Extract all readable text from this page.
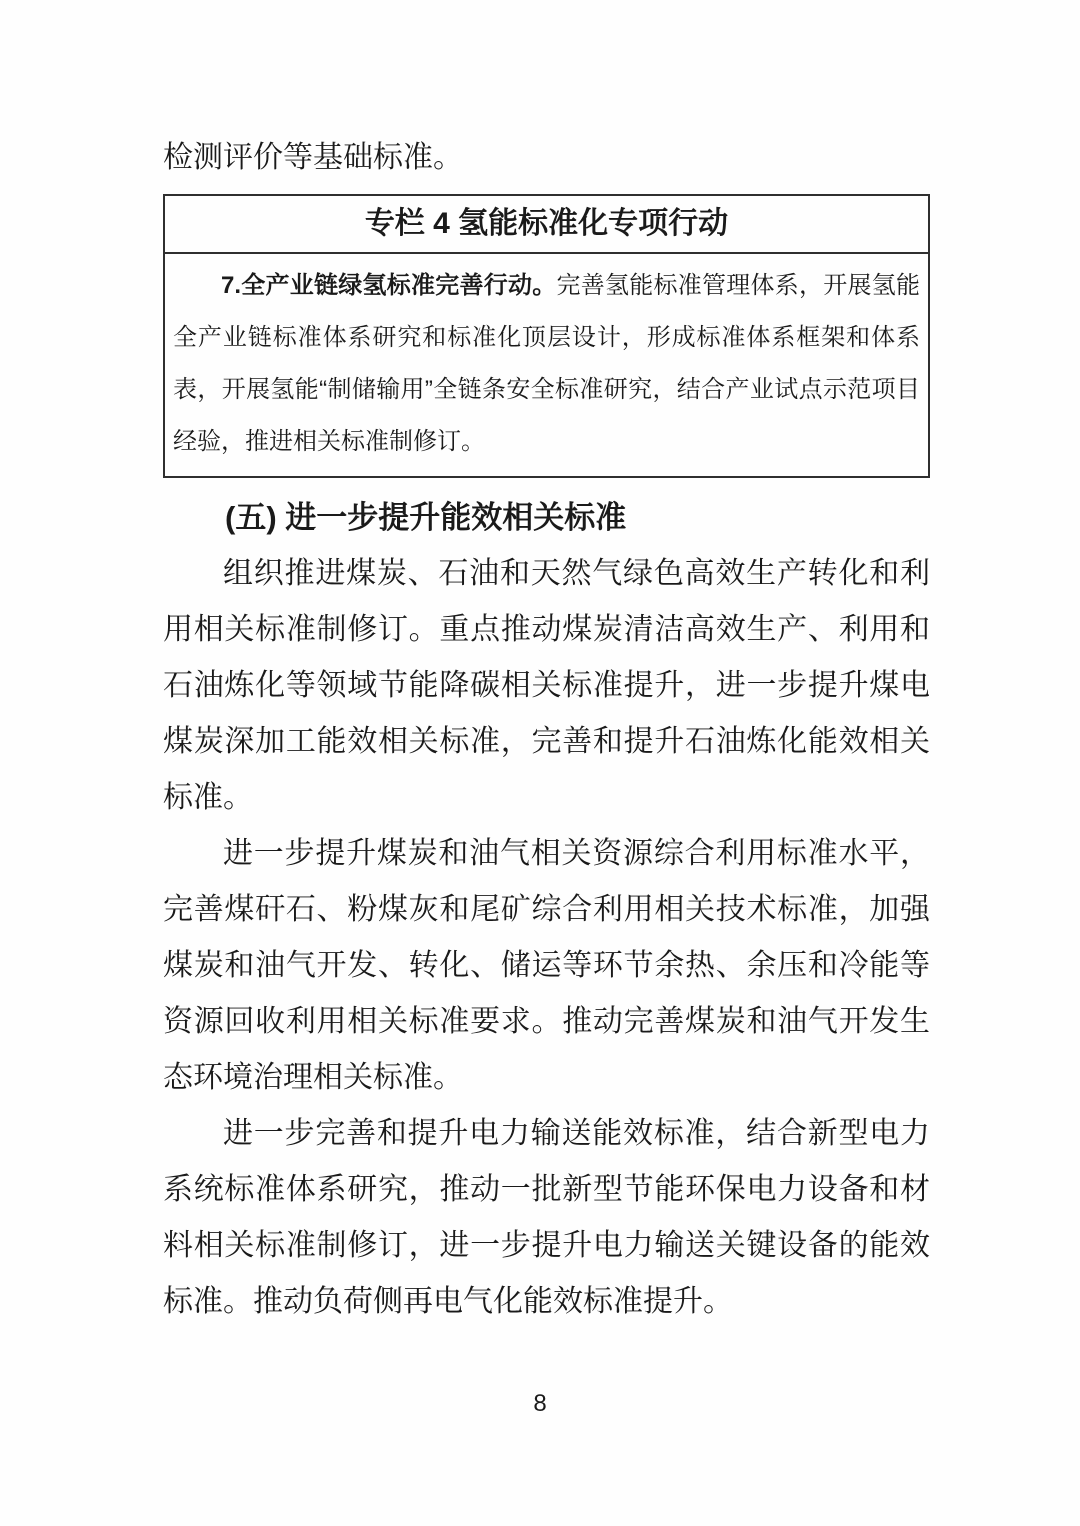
检测评价等基础标准。

专栏 4 氢能标准化专项行动
7.全产业链绿氢标准完善行动。完善氢能标准管理体系，开展氢能全产业链标准体系研究和标准化顶层设计，形成标准体系框架和体系表，开展氢能“制储输用”全链条安全标准研究，结合产业试点示范项目经验，推进相关标准制修订。
(五) 进一步提升能效相关标准

组织推进煤炭、石油和天然气绿色高效生产转化和利用相关标准制修订。重点推动煤炭清洁高效生产、利用和石油炼化等领域节能降碳相关标准提升，进一步提升煤电煤炭深加工能效相关标准，完善和提升石油炼化能效相关标准。

进一步提升煤炭和油气相关资源综合利用标准水平，完善煤矸石、粉煤灰和尾矿综合利用相关技术标准，加强煤炭和油气开发、转化、储运等环节余热、余压和冷能等资源回收利用相关标准要求。推动完善煤炭和油气开发生态环境治理相关标准。

进一步完善和提升电力输送能效标准，结合新型电力系统标准体系研究，推动一批新型节能环保电力设备和材料相关标准制修订，进一步提升电力输送关键设备的能效标准。推动负荷侧再电气化能效标准提升。

8
